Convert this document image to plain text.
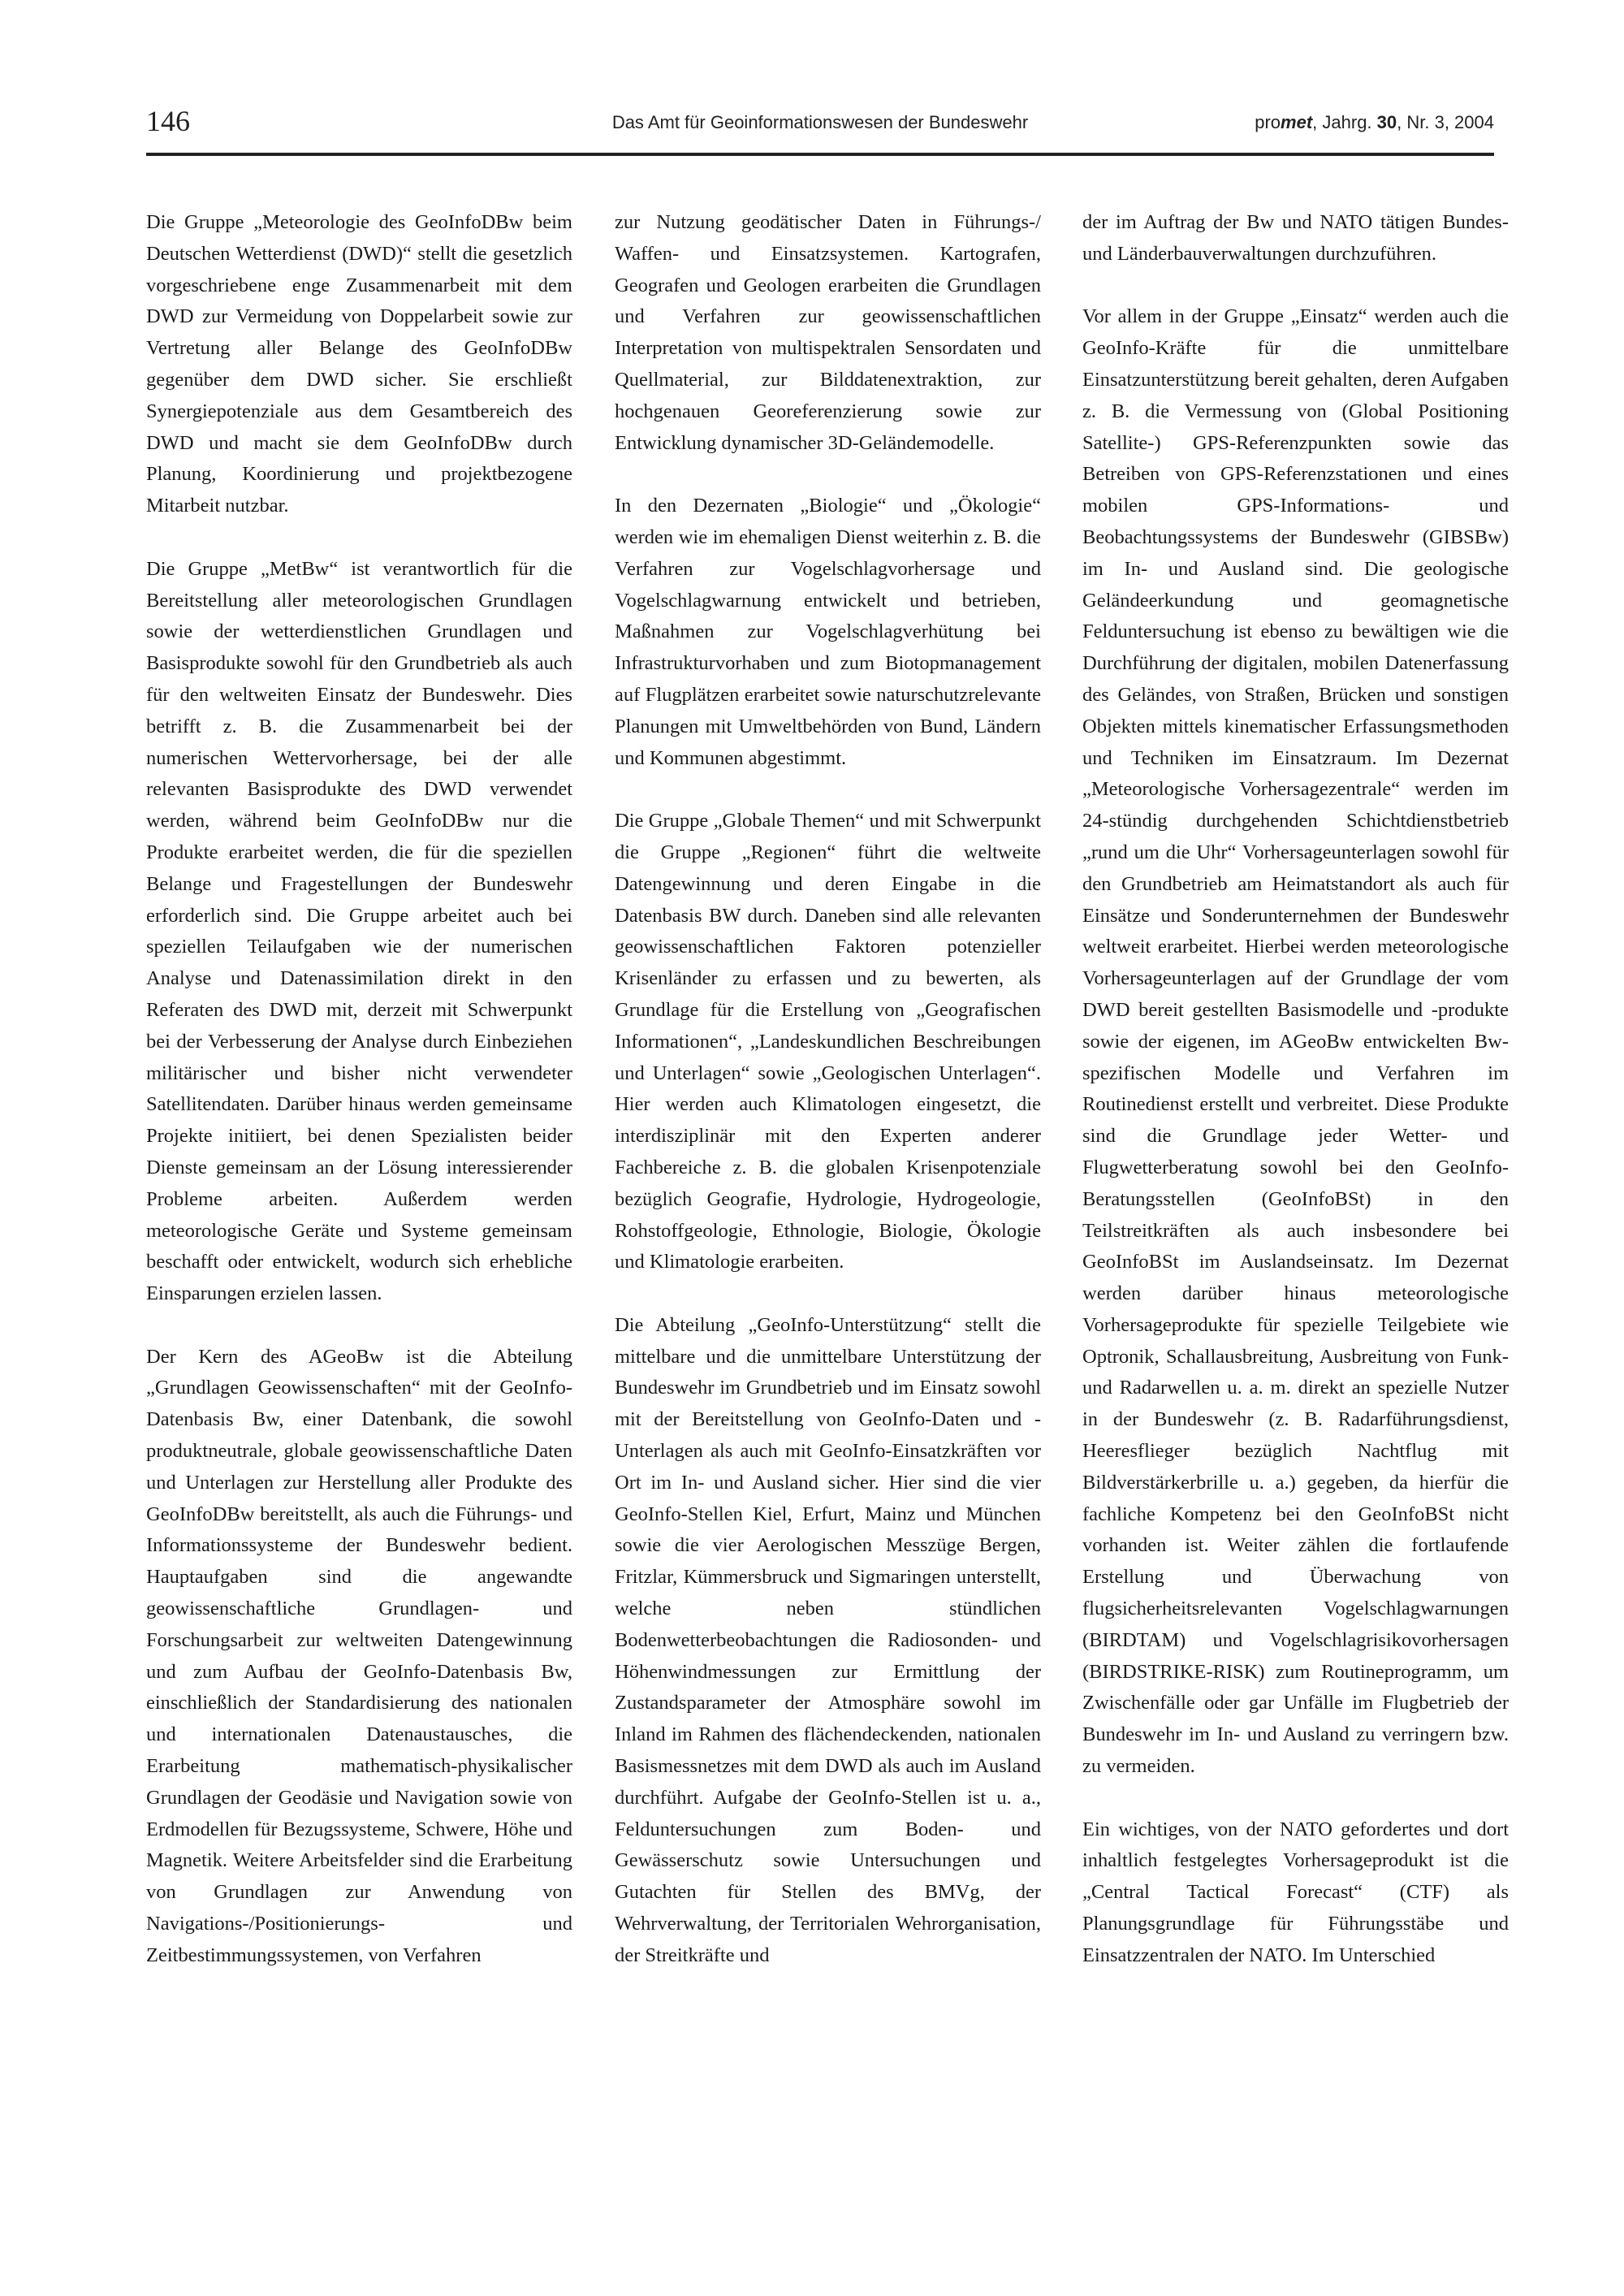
146	Das Amt für Geoinformationswesen der Bundeswehr	promet, Jahrg. 30, Nr. 3, 2004

Die Gruppe „Meteorologie des GeoInfoDBw beim Deutschen Wetterdienst (DWD)“ stellt die gesetzlich vorgeschriebene enge Zusammenarbeit mit dem DWD zur Vermeidung von Doppelarbeit sowie zur Vertretung aller Belange des GeoInfoDBw gegenüber dem DWD sicher. Sie erschließt Synergiepotenziale aus dem Gesamtbereich des DWD und macht sie dem GeoInfoDBw durch Planung, Koordinierung und projektbezogene Mitarbeit nutzbar.

Die Gruppe „MetBw“ ist verantwortlich für die Bereitstellung aller meteorologischen Grundlagen sowie der wetterdienstlichen Grundlagen und Basisprodukte sowohl für den Grundbetrieb als auch für den weltweiten Einsatz der Bundeswehr. Dies betrifft z. B. die Zusammenarbeit bei der numerischen Wettervorhersage, bei der alle relevanten Basisprodukte des DWD verwendet werden, während beim GeoInfoDBw nur die Produkte erarbeitet werden, die für die speziellen Belange und Fragestellungen der Bundeswehr erforderlich sind. Die Gruppe arbeitet auch bei speziellen Teilaufgaben wie der numerischen Analyse und Datenassimilation direkt in den Referaten des DWD mit, derzeit mit Schwerpunkt bei der Verbesserung der Analyse durch Einbeziehen militärischer und bisher nicht verwendeter Satellitendaten. Darüber hinaus werden gemeinsame Projekte initiiert, bei denen Spezialisten beider Dienste gemeinsam an der Lösung interessierender Probleme arbeiten. Außerdem werden meteorologische Geräte und Systeme gemeinsam beschafft oder entwickelt, wodurch sich erhebliche Einsparungen erzielen lassen.

Der Kern des AGeoBw ist die Abteilung „Grundlagen Geowissenschaften“ mit der GeoInfo-Datenbasis Bw, einer Datenbank, die sowohl produktneutrale, globale geowissenschaftliche Daten und Unterlagen zur Herstellung aller Produkte des GeoInfoDBw bereitstellt, als auch die Führungs- und Informationssysteme der Bundeswehr bedient. Hauptaufgaben sind die angewandte geowissenschaftliche Grundlagen- und Forschungsarbeit zur weltweiten Datengewinnung und zum Aufbau der GeoInfo-Datenbasis Bw, einschließlich der Standardisierung des nationalen und internationalen Datenaustausches, die Erarbeitung mathematisch-physikalischer Grundlagen der Geodäsie und Navigation sowie von Erdmodellen für Bezugssysteme, Schwere, Höhe und Magnetik. Weitere Arbeitsfelder sind die Erarbeitung von Grundlagen zur Anwendung von Navigations-/Positionierungs- und Zeitbestimmungssystemen, von Verfahren

zur Nutzung geodätischer Daten in Führungs-/ Waffen- und Einsatzsystemen. Kartografen, Geografen und Geologen erarbeiten die Grundlagen und Verfahren zur geowissenschaftlichen Interpretation von multispektralen Sensordaten und Quellmaterial, zur Bilddatenextraktion, zur hochgenauen Georeferenzierung sowie zur Entwicklung dynamischer 3D-Geländemodelle.

In den Dezernaten „Biologie“ und „Ökologie“ werden wie im ehemaligen Dienst weiterhin z. B. die Verfahren zur Vogelschlagvorhersage und Vogelschlagwarnung entwickelt und betrieben, Maßnahmen zur Vogelschlagverhütung bei Infrastrukturvorhaben und zum Biotopmanagement auf Flugplätzen erarbeitet sowie naturschutzrelevante Planungen mit Umweltbehörden von Bund, Ländern und Kommunen abgestimmt.

Die Gruppe „Globale Themen“ und mit Schwerpunkt die Gruppe „Regionen“ führt die weltweite Datengewinnung und deren Eingabe in die Datenbasis BW durch. Daneben sind alle relevanten geowissenschaftlichen Faktoren potenzieller Krisenländer zu erfassen und zu bewerten, als Grundlage für die Erstellung von „Geografischen Informationen“, „Landeskundlichen Beschreibungen und Unterlagen“ sowie „Geologischen Unterlagen“. Hier werden auch Klimatologen eingesetzt, die interdisziplinär mit den Experten anderer Fachbereiche z. B. die globalen Krisenpotenziale bezüglich Geografie, Hydrologie, Hydrogeologie, Rohstoffgeologie, Ethnologie, Biologie, Ökologie und Klimatologie erarbeiten.

Die Abteilung „GeoInfo-Unterstützung“ stellt die mittelbare und die unmittelbare Unterstützung der Bundeswehr im Grundbetrieb und im Einsatz sowohl mit der Bereitstellung von GeoInfo-Daten und -Unterlagen als auch mit GeoInfo-Einsatzkräften vor Ort im In- und Ausland sicher. Hier sind die vier GeoInfo-Stellen Kiel, Erfurt, Mainz und München sowie die vier Aerologischen Messzüge Bergen, Fritzlar, Kümmersbruck und Sigmaringen unterstellt, welche neben stündlichen Bodenwetterbeobachtungen die Radiosonden- und Höhenwindmessungen zur Ermittlung der Zustandsparameter der Atmosphäre sowohl im Inland im Rahmen des flächendeckenden, nationalen Basismessnetzes mit dem DWD als auch im Ausland durchführt. Aufgabe der GeoInfo-Stellen ist u. a., Felduntersuchungen zum Boden- und Gewässerschutz sowie Untersuchungen und Gutachten für Stellen des BMVg, der Wehrverwaltung, der Territorialen Wehrorganisation, der Streitkräfte und

der im Auftrag der Bw und NATO tätigen Bundes- und Länderbauverwaltungen durchzuführen.

Vor allem in der Gruppe „Einsatz“ werden auch die GeoInfo-Kräfte für die unmittelbare Einsatzunterstützung bereit gehalten, deren Aufgaben z. B. die Vermessung von (Global Positioning Satellite-) GPS-Referenzpunkten sowie das Betreiben von GPS-Referenzstationen und eines mobilen GPS-Informations- und Beobachtungssystems der Bundeswehr (GIBSBw) im In- und Ausland sind. Die geologische Geländeerkundung und geomagnetische Felduntersuchung ist ebenso zu bewältigen wie die Durchführung der digitalen, mobilen Datenerfassung des Geländes, von Straßen, Brücken und sonstigen Objekten mittels kinematischer Erfassungsmethoden und Techniken im Einsatzraum. Im Dezernat „Meteorologische Vorhersagezentrale“ werden im 24-stündig durchgehenden Schichtdienstbetrieb „rund um die Uhr“ Vorhersageunterlagen sowohl für den Grundbetrieb am Heimatstandort als auch für Einsätze und Sonderunternehmen der Bundeswehr weltweit erarbeitet. Hierbei werden meteorologische Vorhersageunterlagen auf der Grundlage der vom DWD bereit gestellten Basismodelle und -produkte sowie der eigenen, im AGeoBw entwickelten Bw-spezifischen Modelle und Verfahren im Routinedienst erstellt und verbreitet. Diese Produkte sind die Grundlage jeder Wetter- und Flugwetterberatung sowohl bei den GeoInfo-Beratungsstellen (GeoInfoBSt) in den Teilstreitkräften als auch insbesondere bei GeoInfoBSt im Auslandseinsatz. Im Dezernat werden darüber hinaus meteorologische Vorhersageprodukte für spezielle Teilgebiete wie Optronik, Schallausbreitung, Ausbreitung von Funk- und Radarwellen u. a. m. direkt an spezielle Nutzer in der Bundeswehr (z. B. Radarführungsdienst, Heeresflieger bezüglich Nachtflug mit Bildverstärkerbrille u. a.) gegeben, da hierfür die fachliche Kompetenz bei den GeoInfoBSt nicht vorhanden ist. Weiter zählen die fortlaufende Erstellung und Überwachung von flugsicherheitsrelevanten Vogelschlagwarnungen (BIRDTAM) und Vogelschlagrisikovorhersagen (BIRDSTRIKE-RISK) zum Routineprogramm, um Zwischenfälle oder gar Unfälle im Flugbetrieb der Bundeswehr im In- und Ausland zu verringern bzw. zu vermeiden.

Ein wichtiges, von der NATO gefordertes und dort inhaltlich festgelegtes Vorhersageprodukt ist die „Central Tactical Forecast“ (CTF) als Planungsgrundlage für Führungsstäbe und Einsatzzentralen der NATO. Im Unterschied
